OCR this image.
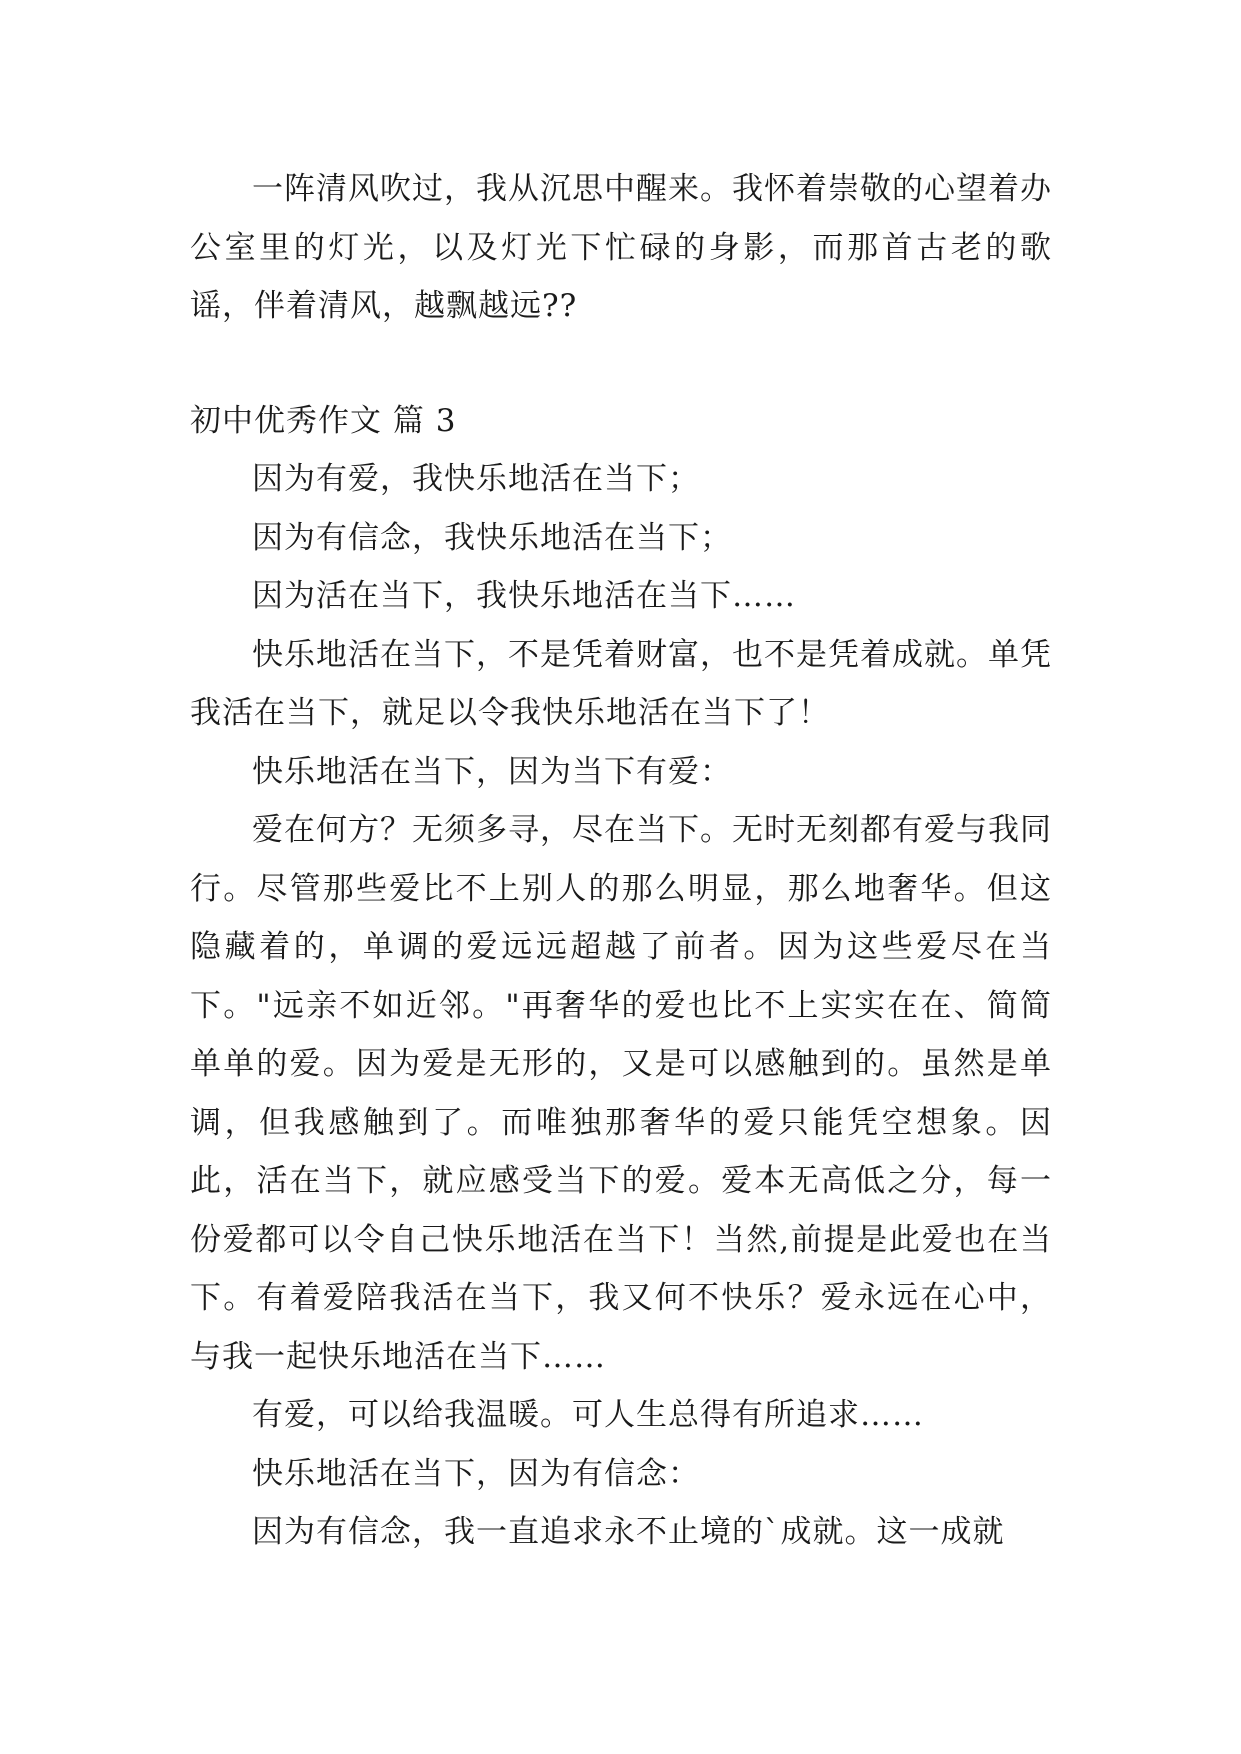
一阵清风吹过，我从沉思中醒来。我怀着崇敬的心望着办公室里的灯光，以及灯光下忙碌的身影，而那首古老的歌谣，伴着清风，越飘越远??

初中优秀作文 篇 3

因为有爱，我快乐地活在当下；

因为有信念，我快乐地活在当下；

因为活在当下，我快乐地活在当下……

快乐地活在当下，不是凭着财富，也不是凭着成就。单凭我活在当下，就足以令我快乐地活在当下了！

快乐地活在当下，因为当下有爱：

爱在何方？无须多寻，尽在当下。无时无刻都有爱与我同行。尽管那些爱比不上别人的那么明显，那么地奢华。但这隐藏着的，单调的爱远远超越了前者。因为这些爱尽在当下。"远亲不如近邻。"再奢华的爱也比不上实实在在、简简单单的爱。因为爱是无形的，又是可以感触到的。虽然是单调，但我感触到了。而唯独那奢华的爱只能凭空想象。因此，活在当下，就应感受当下的爱。爱本无高低之分，每一份爱都可以令自己快乐地活在当下！当然,前提是此爱也在当下。有着爱陪我活在当下，我又何不快乐？爱永远在心中，与我一起快乐地活在当下……

有爱，可以给我温暖。可人生总得有所追求……

快乐地活在当下，因为有信念：

因为有信念，我一直追求永不止境的`成就。这一成就
